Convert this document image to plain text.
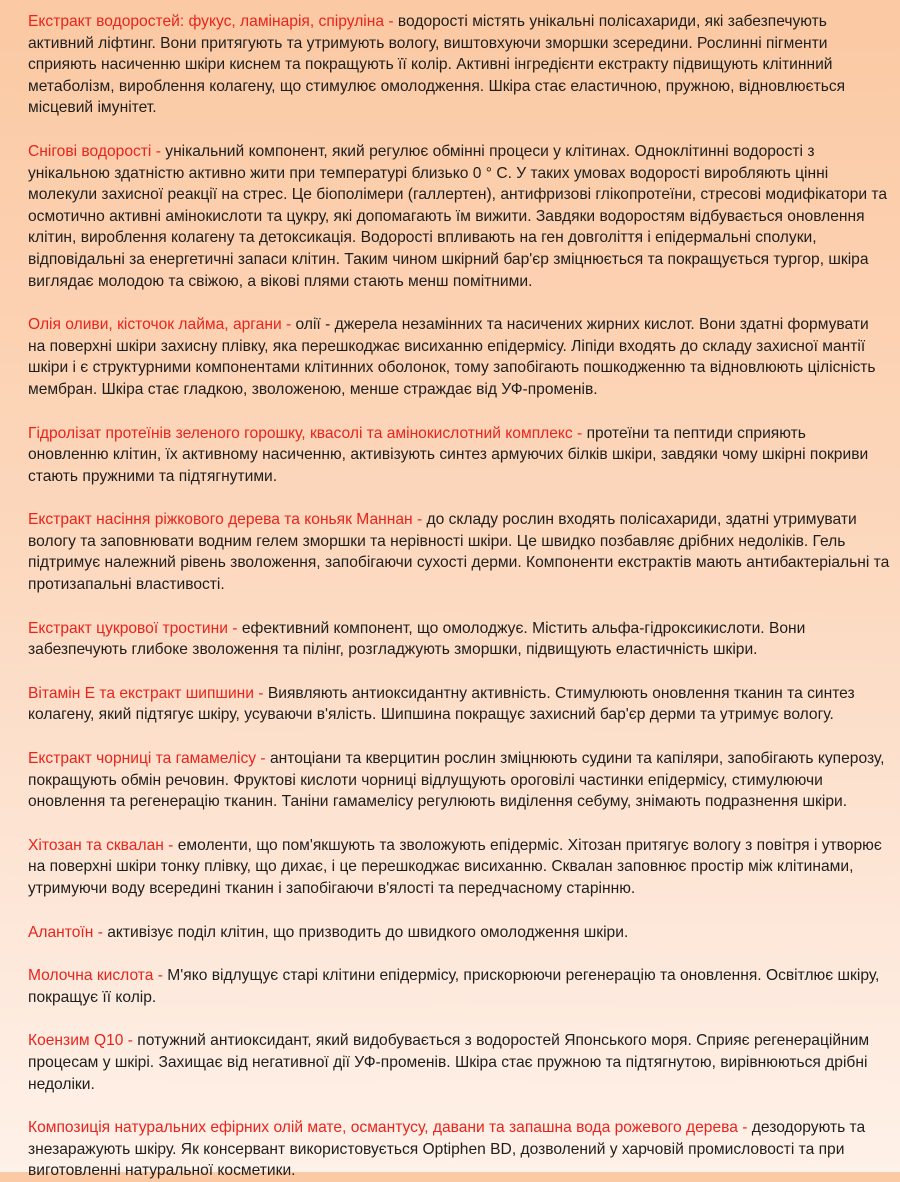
Екстракт водоростей: фукус, ламінарія, спіруліна - водорості містять унікальні полісахариди, які забезпечують активний ліфтинг. Вони притягують та утримують вологу, виштовхуючи зморшки зсередини. Рослинні пігменти сприяють насиченню шкіри киснем та покращують її колір. Активні інгредієнти екстракту підвищують клітинний метаболізм, вироблення колагену, що стимулює омолодження. Шкіра стає еластичною, пружною, відновлюється місцевий імунітет.

Снігові водорості - унікальний компонент, який регулює обмінні процеси у клітинах. Одноклітинні водорості з унікальною здатністю активно жити при температурі близько 0 ° С. У таких умовах водорості виробляють цінні молекули захисної реакції на стрес. Це біополімери (галлертен), антифризові глікопротеїни, стресові модифікатори та осмотично активні амінокислоти та цукру, які допомагають їм вижити. Завдяки водоростям відбувається оновлення клітин, вироблення колагену та детоксикація. Водорості впливають на ген довголіття і епідермальні сполуки, відповідальні за енергетичні запаси клітин. Таким чином шкірний бар'єр зміцнюється та покращується тургор, шкіра виглядає молодою та свіжою, а вікові плями стають менш помітними.

Олія оливи, кісточок лайма, аргани - олії - джерела незамінних та насичених жирних кислот. Вони здатні формувати на поверхні шкіри захисну плівку, яка перешкоджає висиханню епідермісу. Ліпіди входять до складу захисної мантії шкіри і є структурними компонентами клітинних оболонок, тому запобігають пошкодженню та відновлюють цілісність мембран. Шкіра стає гладкою, зволоженою, менше страждає від УФ-променів.

Гідролізат протеїнів зеленого горошку, квасолі та амінокислотний комплекс - протеїни та пептиди сприяють оновленню клітин, їх активному насиченню, активізують синтез армуючих білків шкіри, завдяки чому шкірні покриви стають пружними та підтягнутими.

Екстракт насіння ріжкового дерева та коньяк Маннан - до складу рослин входять полісахариди, здатні утримувати вологу та заповнювати водним гелем зморшки та нерівності шкіри. Це швидко позбавляє дрібних недоліків. Гель підтримує належний рівень зволоження, запобігаючи сухості дерми. Компоненти екстрактів мають антибактеріальні та протизапальні властивості.

Екстракт цукрової тростини - ефективний компонент, що омолоджує. Містить альфа-гідроксикислоти. Вони забезпечують глибоке зволоження та пілінг, розгладжують зморшки, підвищують еластичність шкіри.

Вітамін Е та екстракт шипшини - Виявляють антиоксидантну активність. Стимулюють оновлення тканин та синтез колагену, який підтягує шкіру, усуваючи в'ялість. Шипшина покращує захисний бар'єр дерми та утримує вологу.

Екстракт чорниці та гамамелісу - антоціани та кверцитин рослин зміцнюють судини та капіляри, запобігають куперозу, покращують обмін речовин. Фруктові кислоти чорниці відлущують ороговілі частинки епідермісу, стимулюючи оновлення та регенерацію тканин. Таніни гамамелісу регулюють виділення себуму, знімають подразнення шкіри.

Хітозан та сквалан - емоленти, що пом'якшують та зволожують епідерміс. Хітозан притягує вологу з повітря і утворює на поверхні шкіри тонку плівку, що дихає, і це перешкоджає висиханню. Сквалан заповнює простір між клітинами, утримуючи воду всередині тканин і запобігаючи в'ялості та передчасному старінню.

Алантоїн - активізує поділ клітин, що призводить до швидкого омолодження шкіри.

Молочна кислота - М'яко відлущує старі клітини епідермісу, прискорюючи регенерацію та оновлення. Освітлює шкіру, покращує її колір.

Коензим Q10 - потужний антиоксидант, який видобувається з водоростей Японського моря. Сприяє регенераційним процесам у шкірі. Захищає від негативної дії УФ-променів. Шкіра стає пружною та підтягнутою, вирівнюються дрібні недоліки.

Композиція натуральних ефірних олій мате, османтусу, давани та запашна вода рожевого дерева - дезодорують та знезаражують шкіру. Як консервант використовується Optiphen BD, дозволений у харчовій промисловості та при виготовленні натуральної косметики.
